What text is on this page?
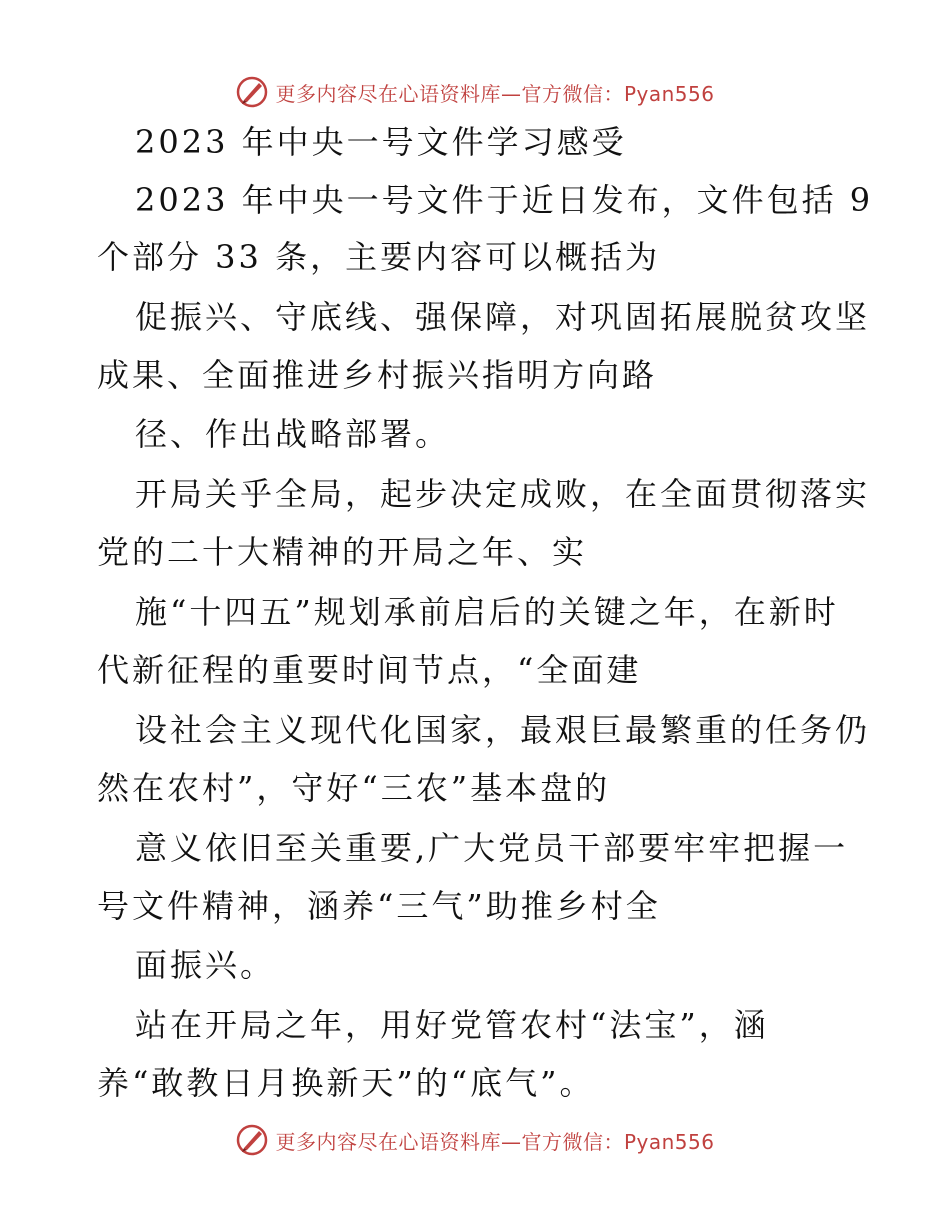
更多内容尽在心语资料库—官方微信：Pyan556
2023 年中央一号文件学习感受
2023 年中央一号文件于近日发布，文件包括 9
个部分 33 条，主要内容可以概括为
促振兴、守底线、强保障，对巩固拓展脱贫攻坚
成果、全面推进乡村振兴指明方向路
径、作出战略部署。
开局关乎全局，起步决定成败，在全面贯彻落实
党的二十大精神的开局之年、实
施“十四五”规划承前启后的关键之年，在新时
代新征程的重要时间节点，“全面建
设社会主义现代化国家，最艰巨最繁重的任务仍
然在农村”，守好“三农”基本盘的
意义依旧至关重要,广大党员干部要牢牢把握一
号文件精神，涵养“三气”助推乡村全
面振兴。
站在开局之年，用好党管农村“法宝”，涵
养“敢教日月换新天”的“底气”。
更多内容尽在心语资料库—官方微信：Pyan556
